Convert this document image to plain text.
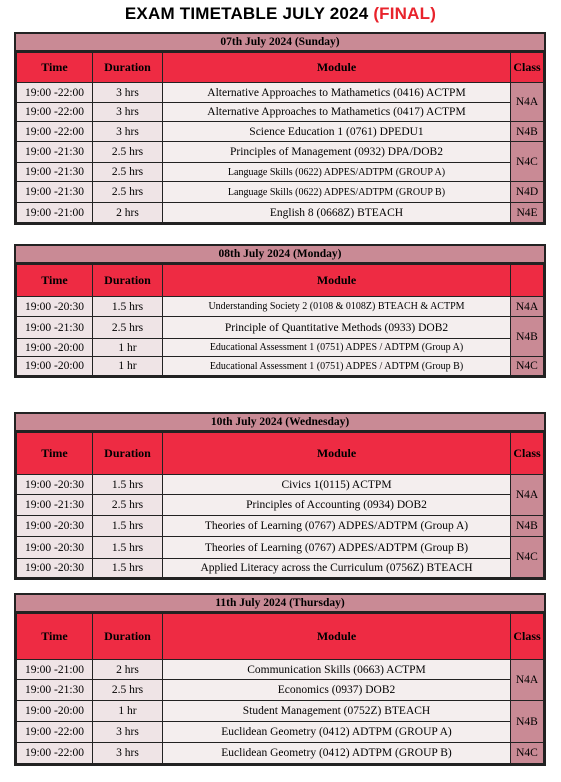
EXAM TIMETABLE JULY 2024 (FINAL)
07th July 2024 (Sunday)
Time	Duration	Module	Class
19:00 -22:00	3 hrs	Alternative Approaches to Mathametics (0416) ACTPM	N4A
19:00 -22:00	3 hrs	Alternative Approaches to Mathametics (0417) ACTPM	
19:00 -22:00	3 hrs	Science Education 1 (0761) DPEDU1	N4B
19:00 -21:30	2.5 hrs	Principles of Management (0932) DPA/DOB2	N4C
19:00 -21:30	2.5 hrs	Language Skills (0622) ADPES/ADTPM (GROUP A)	
19:00 -21:30	2.5 hrs	Language Skills (0622) ADPES/ADTPM (GROUP B)	N4D
19:00 -21:00	2 hrs	English 8 (0668Z) BTEACH	N4E
08th July 2024 (Monday)
Time	Duration	Module	
19:00 -20:30	1.5 hrs	Understanding Society 2 (0108 & 0108Z) BTEACH & ACTPM	N4A
19:00 -21:30	2.5 hrs	Principle of Quantitative Methods (0933) DOB2	N4B
19:00 -20:00	1 hr	Educational Assessment 1 (0751) ADPES / ADTPM (Group A)	
19:00 -20:00	1 hr	Educational Assessment 1 (0751) ADPES / ADTPM (Group B)	N4C
10th July 2024 (Wednesday)
Time	Duration	Module	Class
19:00 -20:30	1.5 hrs	Civics 1(0115) ACTPM	N4A
19:00 -21:30	2.5 hrs	Principles of Accounting (0934) DOB2	
19:00 -20:30	1.5 hrs	Theories of Learning (0767) ADPES/ADTPM (Group A)	N4B
19:00 -20:30	1.5 hrs	Theories of Learning (0767) ADPES/ADTPM (Group B)	N4C
19:00 -20:30	1.5 hrs	Applied Literacy across the Curriculum (0756Z) BTEACH	
11th July 2024 (Thursday)
Time	Duration	Module	Class
19:00 -21:00	2 hrs	Communication Skills (0663) ACTPM	N4A
19:00 -21:30	2.5 hrs	Economics (0937) DOB2	
19:00 -20:00	1 hr	Student Management (0752Z) BTEACH	N4B
19:00 -22:00	3 hrs	Euclidean Geometry (0412) ADTPM (GROUP A)	
19:00 -22:00	3 hrs	Euclidean Geometry (0412) ADTPM (GROUP B)	N4C
